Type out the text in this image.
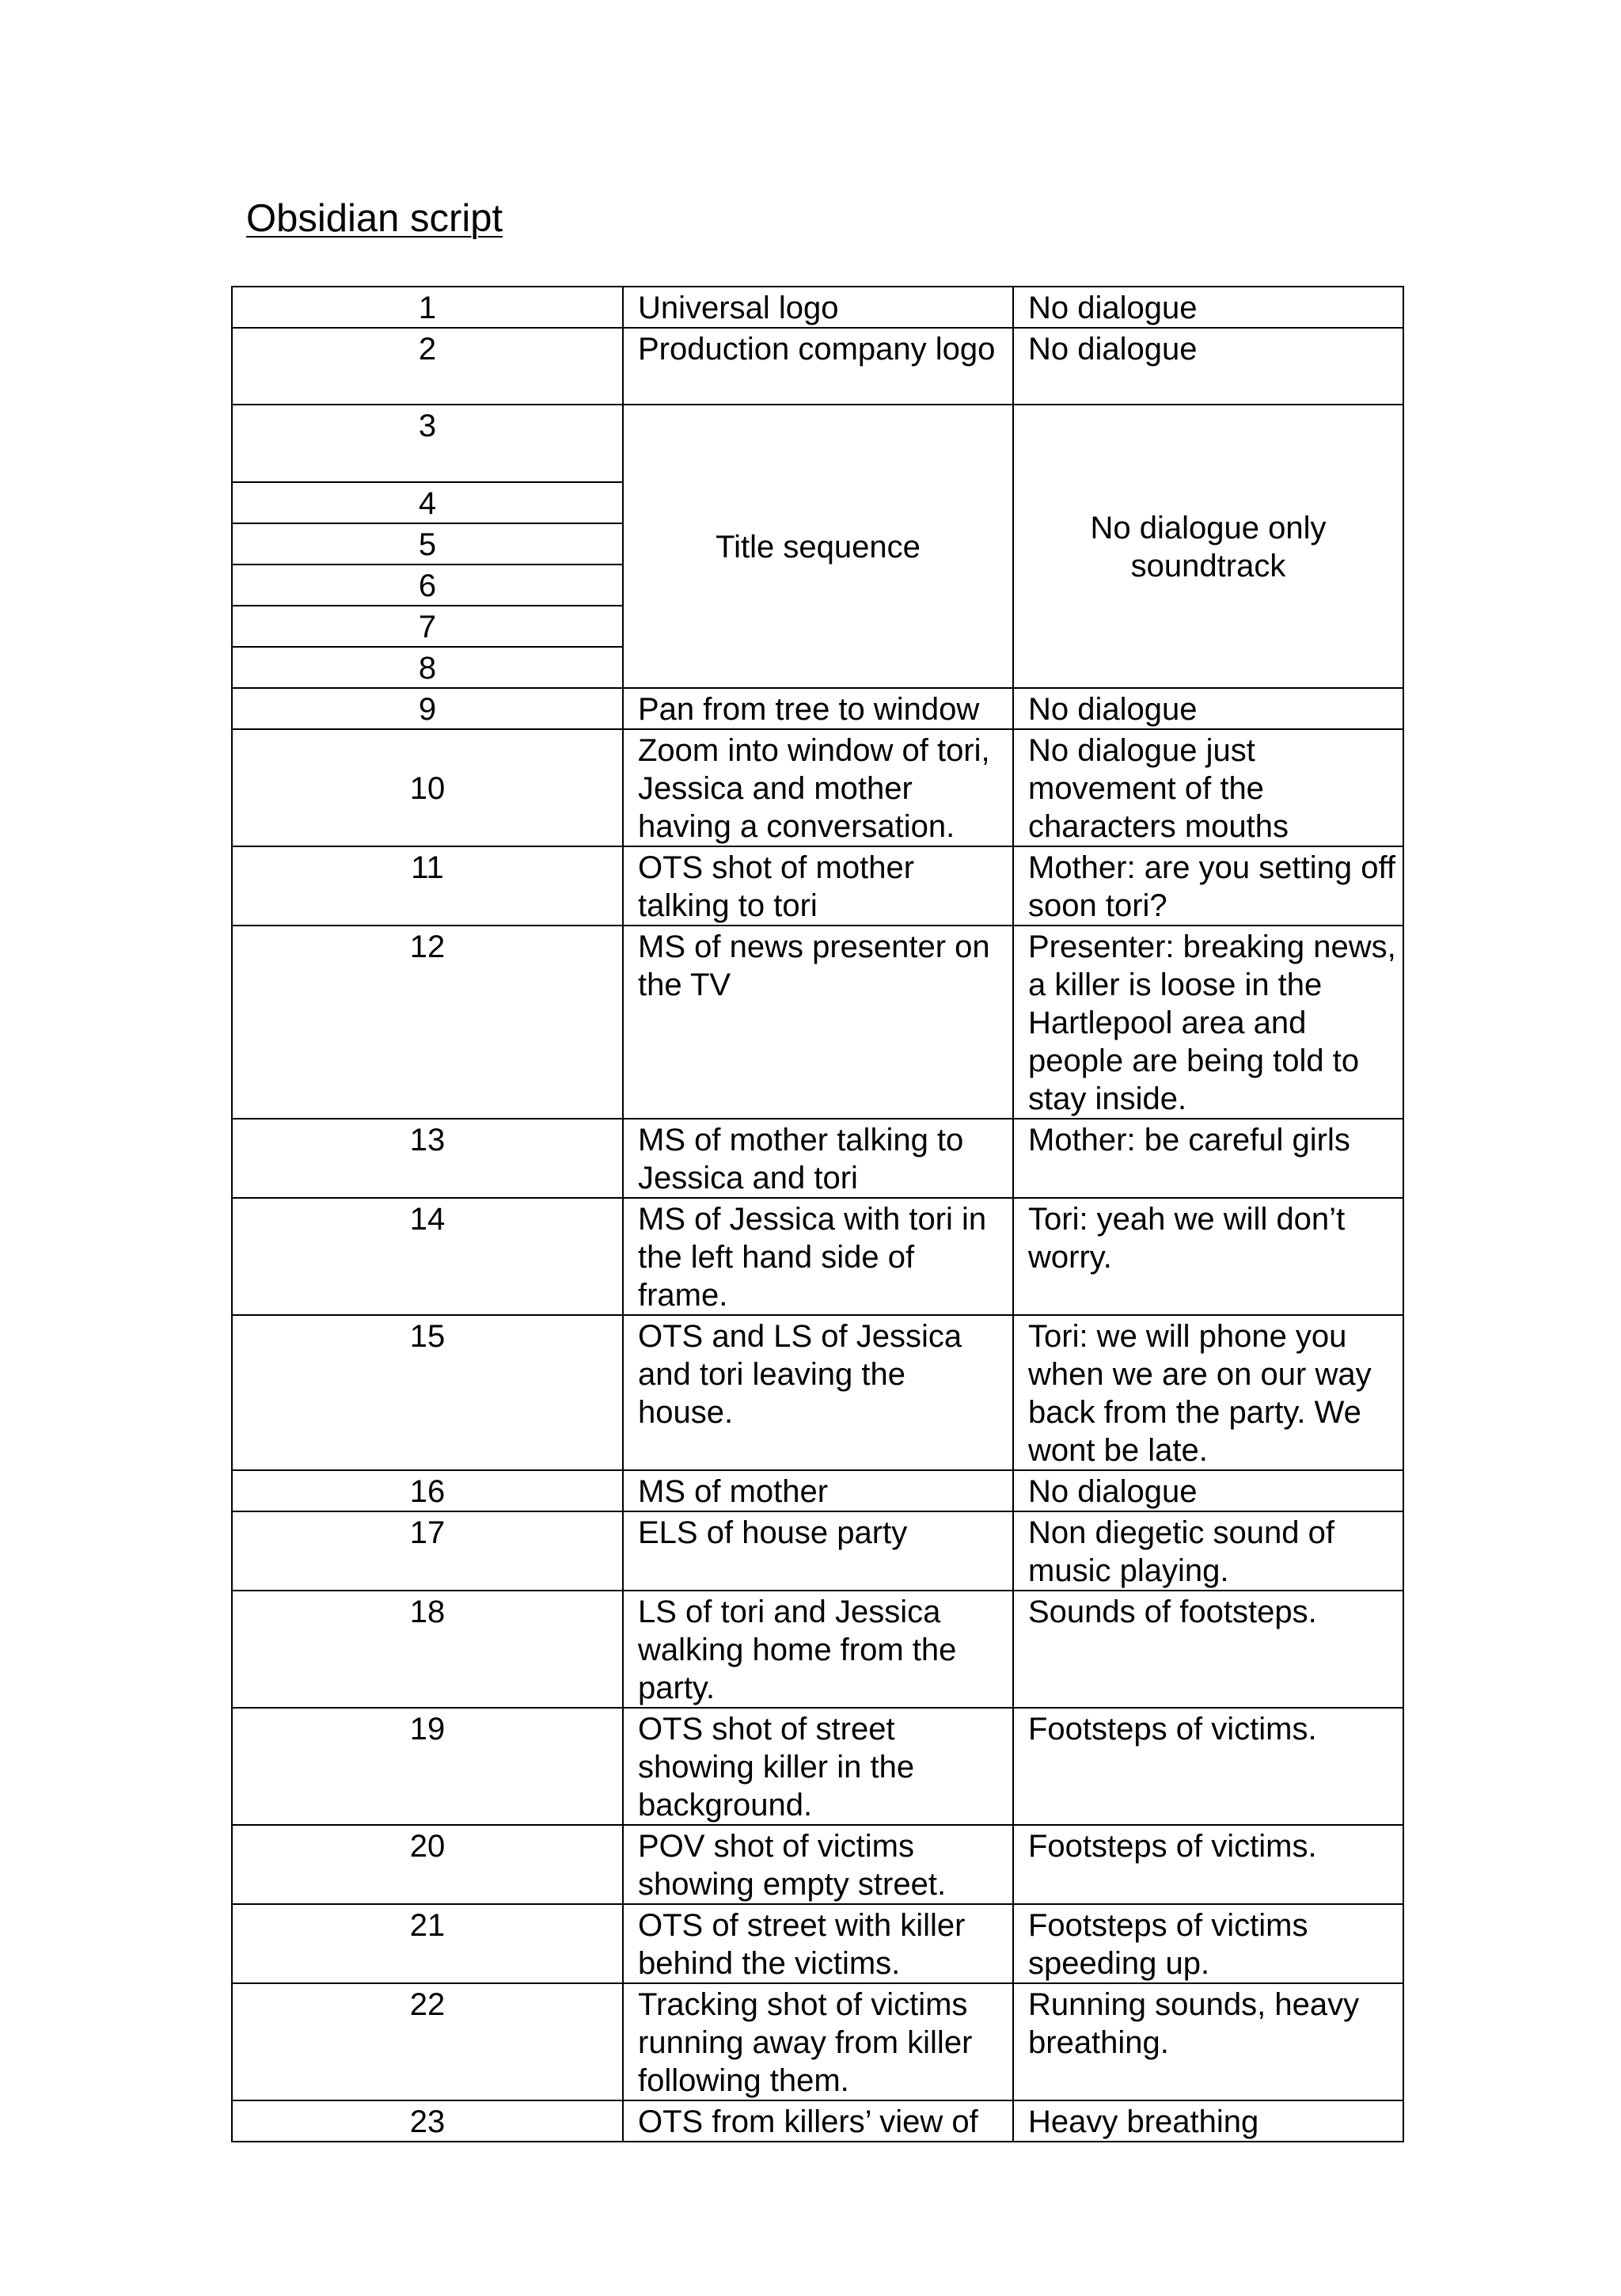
Obsidian script
1	Universal logo	No dialogue
2	Production company logo	No dialogue
3	Title sequence	No dialogue only soundtrack
4		
5		
6		
7		
8		
9	Pan from tree to window	No dialogue
10	Zoom into window of tori, Jessica and mother having a conversation.	No dialogue just movement of the characters mouths
11	OTS shot of mother talking to tori	Mother: are you setting off soon tori?
12	MS of news presenter on the TV	Presenter: breaking news, a killer is loose in the Hartlepool area and people are being told to stay inside.
13	MS of mother talking to Jessica and tori	Mother: be careful girls
14	MS of Jessica with tori in the left hand side of frame.	Tori: yeah we will don’t worry.
15	OTS and LS of Jessica and tori leaving the house.	Tori: we will phone you when we are on our way back from the party. We wont be late.
16	MS of mother	No dialogue
17	ELS of house party	Non diegetic sound of music playing.
18	LS of tori and Jessica walking home from the party.	Sounds of footsteps.
19	OTS shot of street showing killer in the background.	Footsteps of victims.
20	POV shot of victims showing empty street.	Footsteps of victims.
21	OTS of street with killer behind the victims.	Footsteps of victims speeding up.
22	Tracking shot of victims running away from killer following them.	Running sounds, heavy breathing.
23	OTS from killers’ view of	Heavy breathing
